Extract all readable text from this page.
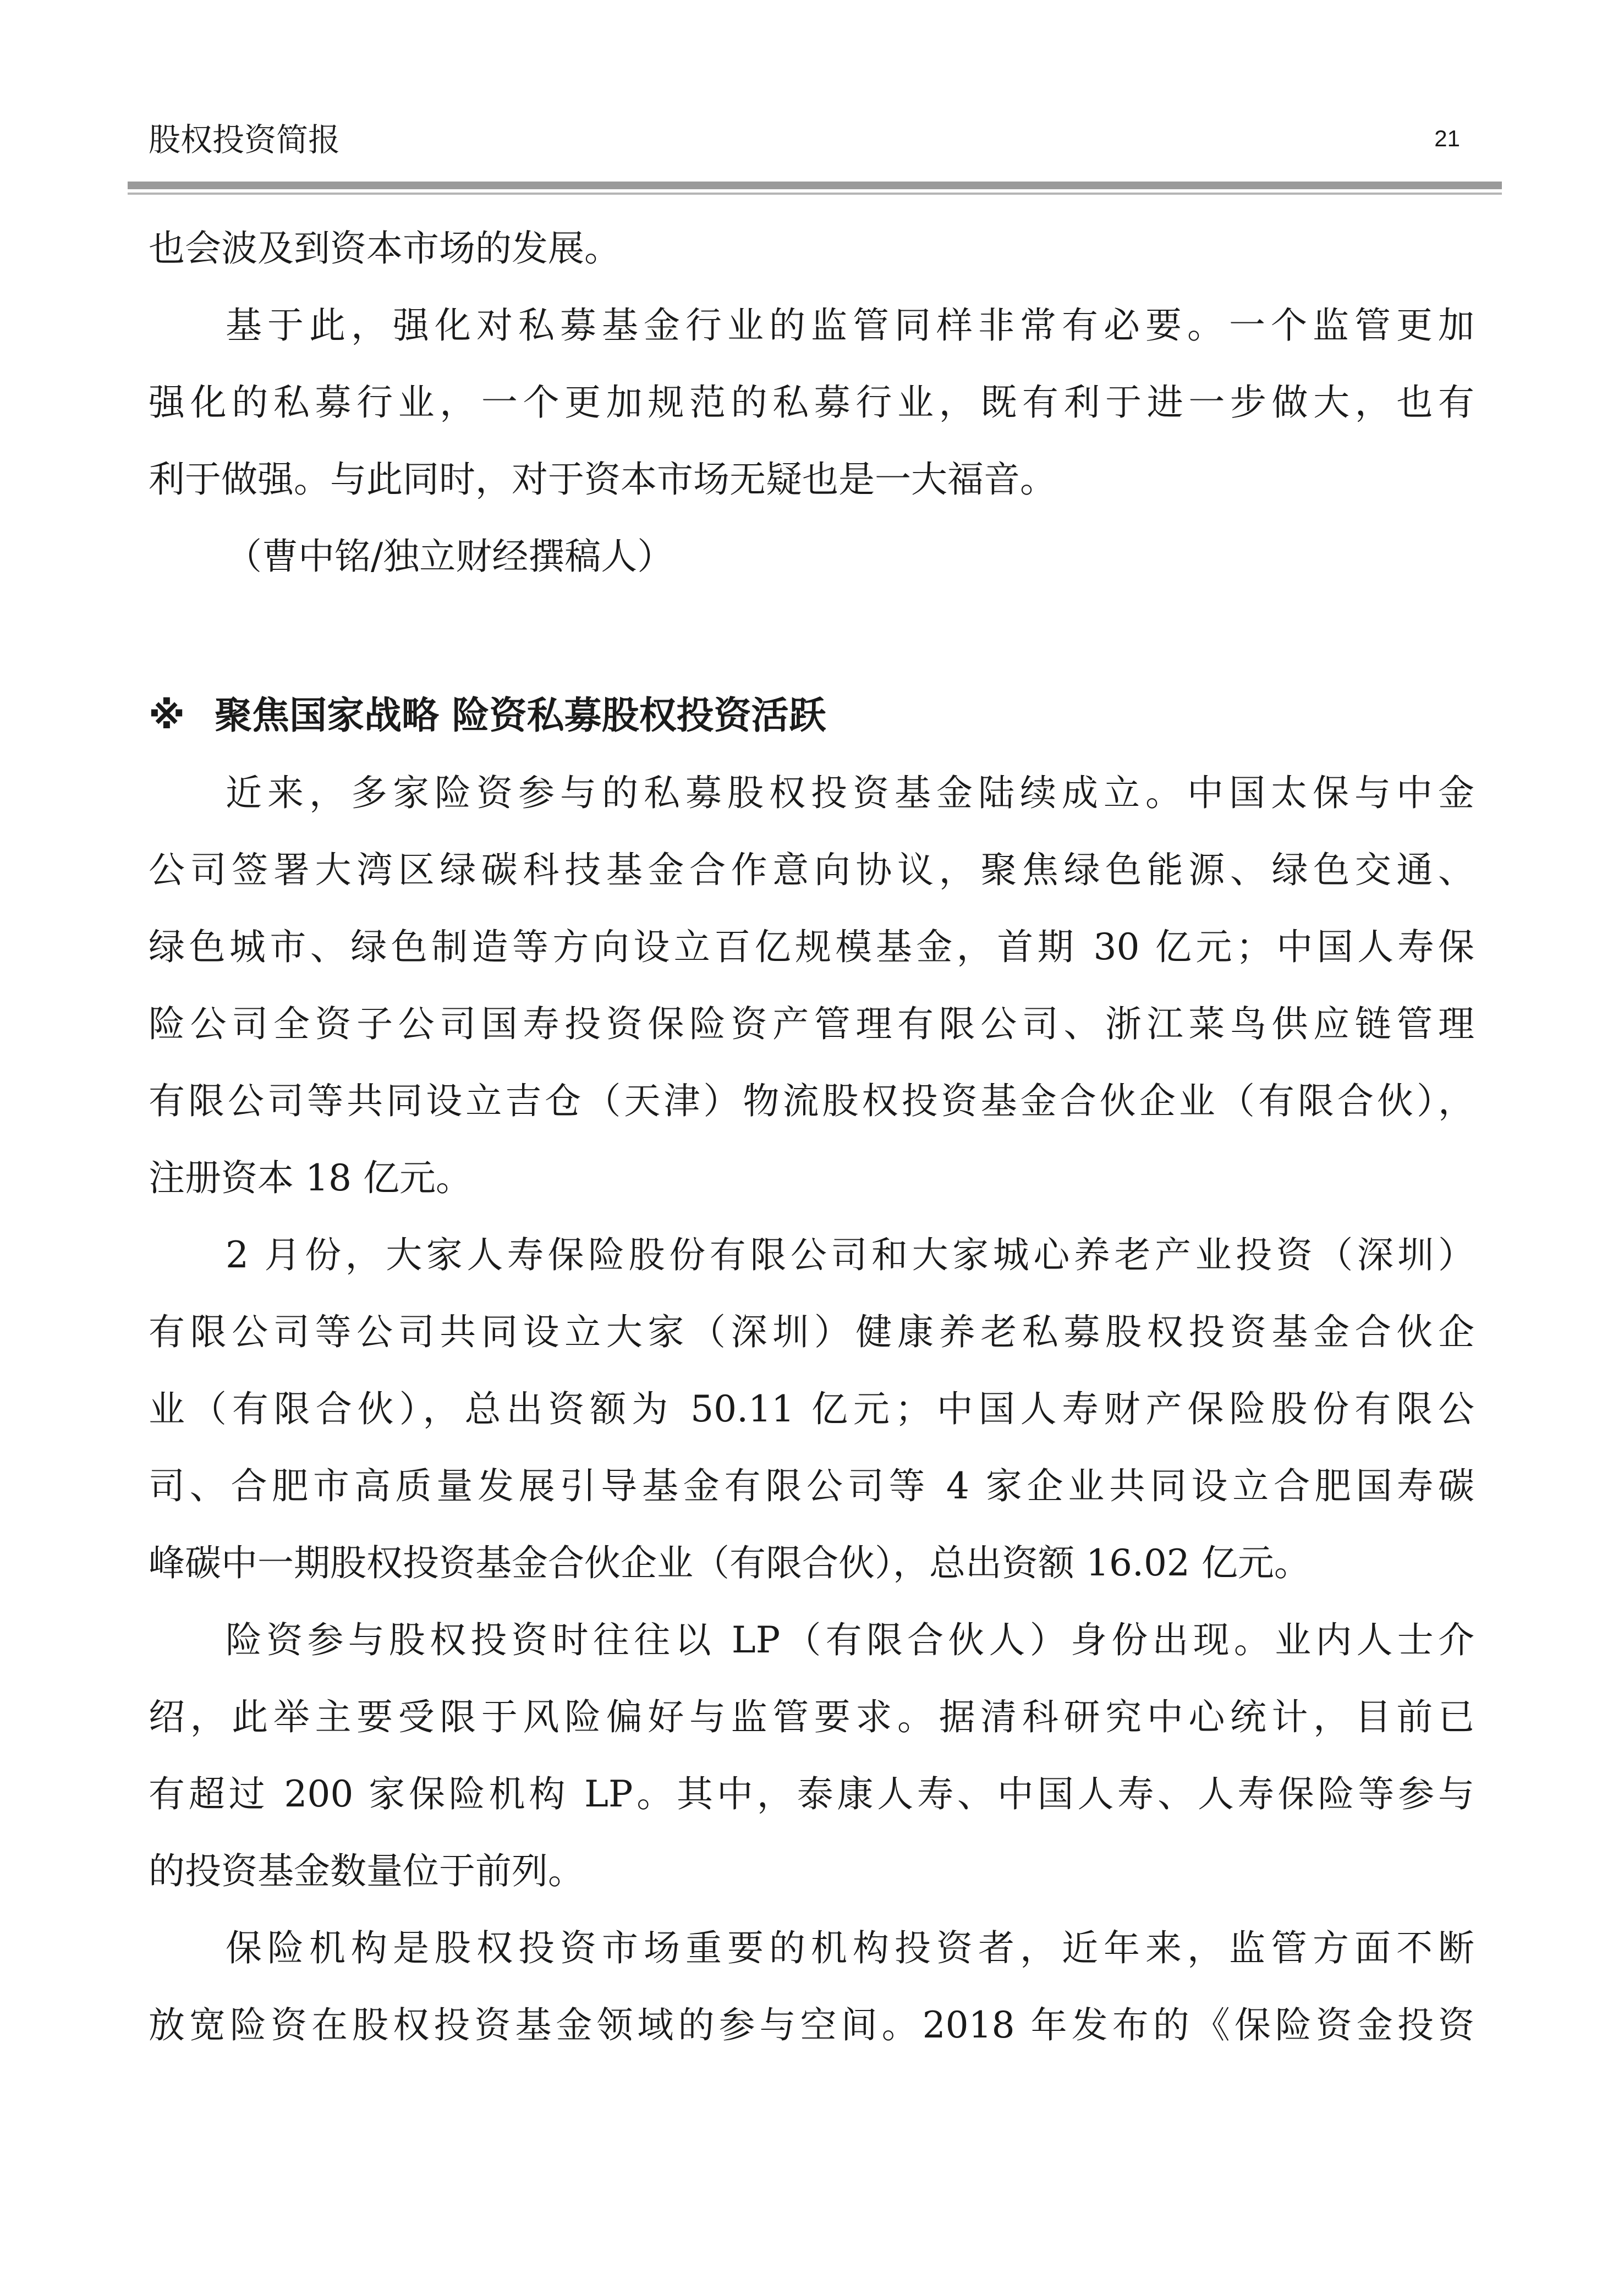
股权投资简报	21
也会波及到资本市场的发展。
基于此，强化对私募基金行业的监管同样非常有必要。一个监管更加
强化的私募行业，一个更加规范的私募行业，既有利于进一步做大，也有
利于做强。与此同时，对于资本市场无疑也是一大福音。
（曹中铭/独立财经撰稿人）
※ 聚焦国家战略 险资私募股权投资活跃
近来，多家险资参与的私募股权投资基金陆续成立。中国太保与中金
公司签署大湾区绿碳科技基金合作意向协议，聚焦绿色能源、绿色交通、
绿色城市、绿色制造等方向设立百亿规模基金，首期 30 亿元；中国人寿保
险公司全资子公司国寿投资保险资产管理有限公司、浙江菜鸟供应链管理
有限公司等共同设立吉仓（天津）物流股权投资基金合伙企业（有限合伙），
注册资本 18 亿元。
2 月份，大家人寿保险股份有限公司和大家城心养老产业投资（深圳）
有限公司等公司共同设立大家（深圳）健康养老私募股权投资基金合伙企
业（有限合伙），总出资额为 50.11 亿元；中国人寿财产保险股份有限公
司、合肥市高质量发展引导基金有限公司等 4 家企业共同设立合肥国寿碳
峰碳中一期股权投资基金合伙企业（有限合伙），总出资额 16.02 亿元。
险资参与股权投资时往往以 LP（有限合伙人）身份出现。业内人士介
绍，此举主要受限于风险偏好与监管要求。据清科研究中心统计，目前已
有超过 200 家保险机构 LP。其中，泰康人寿、中国人寿、人寿保险等参与
的投资基金数量位于前列。
保险机构是股权投资市场重要的机构投资者，近年来，监管方面不断
放宽险资在股权投资基金领域的参与空间。2018 年发布的《保险资金投资
